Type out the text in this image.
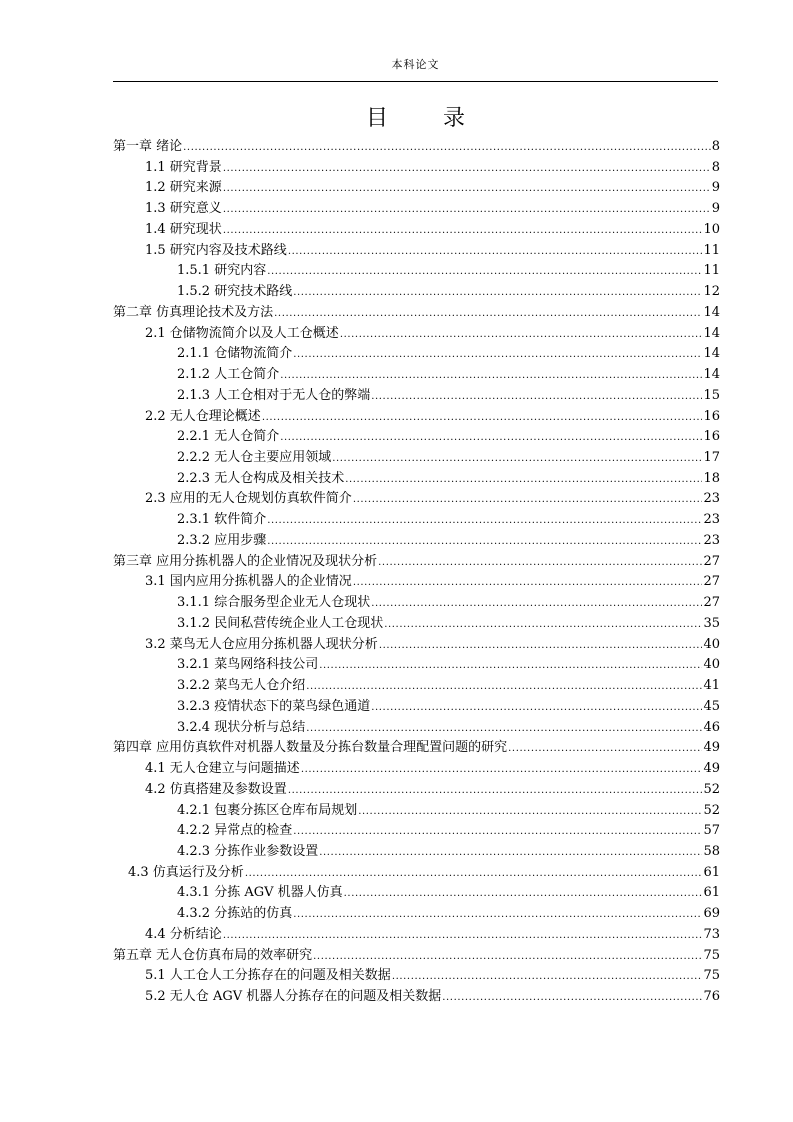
本科论文
目 录
第一章 绪论 .....	8
1.1 研究背景 .....	8
1.2 研究来源 .....	9
1.3 研究意义 .....	9
1.4 研究现状 .....	10
1.5 研究内容及技术路线 .....	11
1.5.1 研究内容 .....	11
1.5.2 研究技术路线 .....	12
第二章 仿真理论技术及方法 .....	14
2.1 仓储物流简介以及人工仓概述 .....	14
2.1.1 仓储物流简介 .....	14
2.1.2 人工仓简介 .....	14
2.1.3 人工仓相对于无人仓的弊端 .....	15
2.2 无人仓理论概述 .....	16
2.2.1 无人仓简介 .....	16
2.2.2 无人仓主要应用领域 .....	17
2.2.3 无人仓构成及相关技术 .....	18
2.3 应用的无人仓规划仿真软件简介 .....	23
2.3.1 软件简介 .....	23
2.3.2 应用步骤 .....	23
第三章 应用分拣机器人的企业情况及现状分析 .....	27
3.1 国内应用分拣机器人的企业情况 .....	27
3.1.1 综合服务型企业无人仓现状 .....	27
3.1.2 民间私营传统企业人工仓现状 .....	35
3.2 菜鸟无人仓应用分拣机器人现状分析 .....	40
3.2.1 菜鸟网络科技公司 .....	40
3.2.2 菜鸟无人仓介绍 .....	41
3.2.3 疫情状态下的菜鸟绿色通道 .....	45
3.2.4 现状分析与总结 .....	46
第四章 应用仿真软件对机器人数量及分拣台数量合理配置问题的研究 .....	49
4.1 无人仓建立与问题描述 .....	49
4.2 仿真搭建及参数设置 .....	52
4.2.1 包裹分拣区仓库布局规划 .....	52
4.2.2 异常点的检查 .....	57
4.2.3 分拣作业参数设置 .....	58
4.3 仿真运行及分析 .....	61
4.3.1 分拣 AGV 机器人仿真 .....	61
4.3.2 分拣站的仿真 .....	69
4.4 分析结论 .....	73
第五章 无人仓仿真布局的效率研究 .....	75
5.1 人工仓人工分拣存在的问题及相关数据 .....	75
5.2 无人仓 AGV 机器人分拣存在的问题及相关数据 .....	76
